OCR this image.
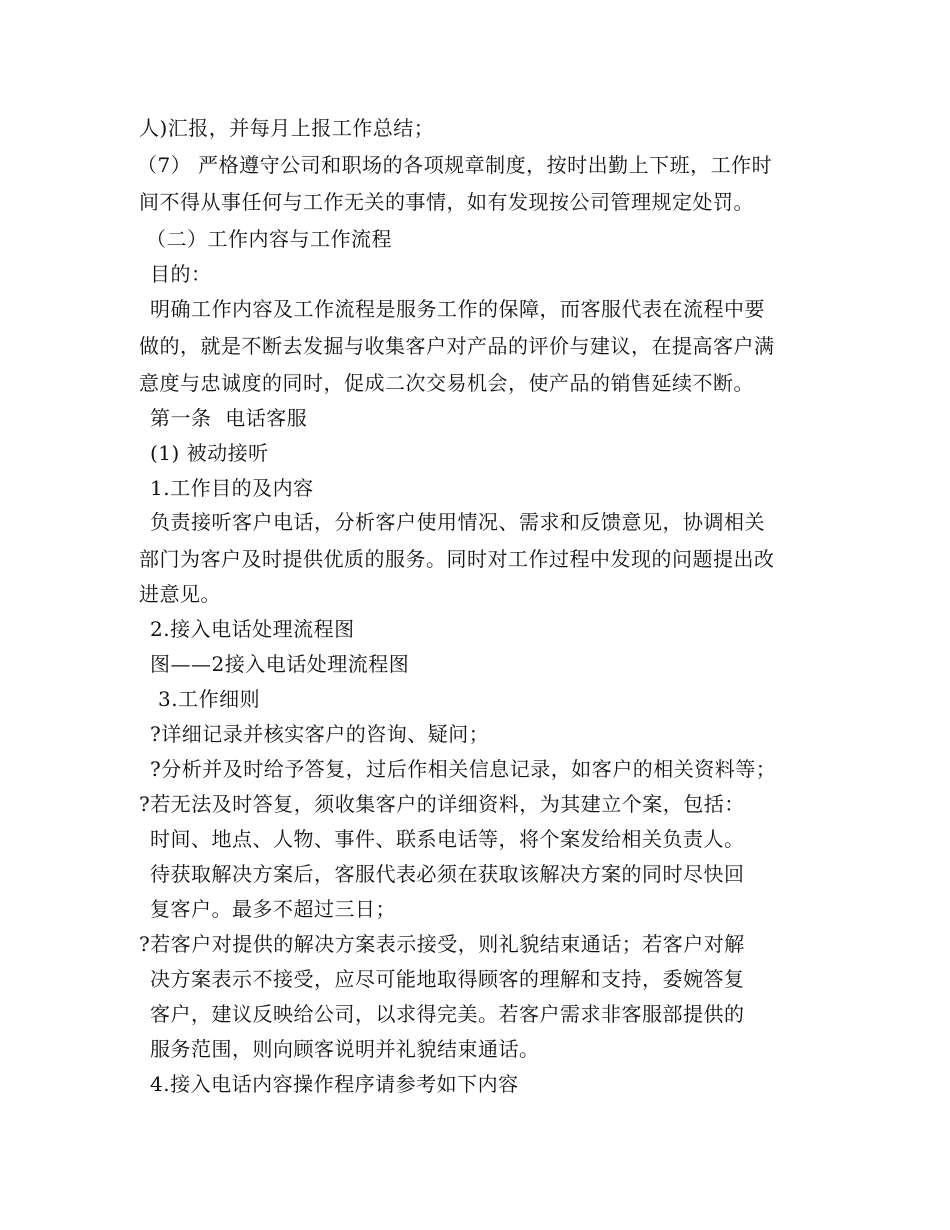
人)汇报，并每月上报工作总结；
（7） 严格遵守公司和职场的各项规章制度，按时出勤上下班，工作时
间不得从事任何与工作无关的事情，如有发现按公司管理规定处罚。
（二）工作内容与工作流程
目的：
明确工作内容及工作流程是服务工作的保障，而客服代表在流程中要
做的，就是不断去发掘与收集客户对产品的评价与建议，在提高客户满
意度与忠诚度的同时，促成二次交易机会，使产品的销售延续不断。
第一条  电话客服
(1) 被动接听
1.工作目的及内容
负责接听客户电话，分析客户使用情况、需求和反馈意见，协调相关
部门为客户及时提供优质的服务。同时对工作过程中发现的问题提出改
进意见。
2.接入电话处理流程图
图——2接入电话处理流程图
3.工作细则
?详细记录并核实客户的咨询、疑问；
?分析并及时给予答复，过后作相关信息记录，如客户的相关资料等；
?若无法及时答复，须收集客户的详细资料，为其建立个案，包括：
时间、地点、人物、事件、联系电话等，将个案发给相关负责人。
待获取解决方案后，客服代表必须在获取该解决方案的同时尽快回
复客户。最多不超过三日；
?若客户对提供的解决方案表示接受，则礼貌结束通话；若客户对解
决方案表示不接受，应尽可能地取得顾客的理解和支持，委婉答复
客户，建议反映给公司，以求得完美。若客户需求非客服部提供的
服务范围，则向顾客说明并礼貌结束通话。
4.接入电话内容操作程序请参考如下内容
